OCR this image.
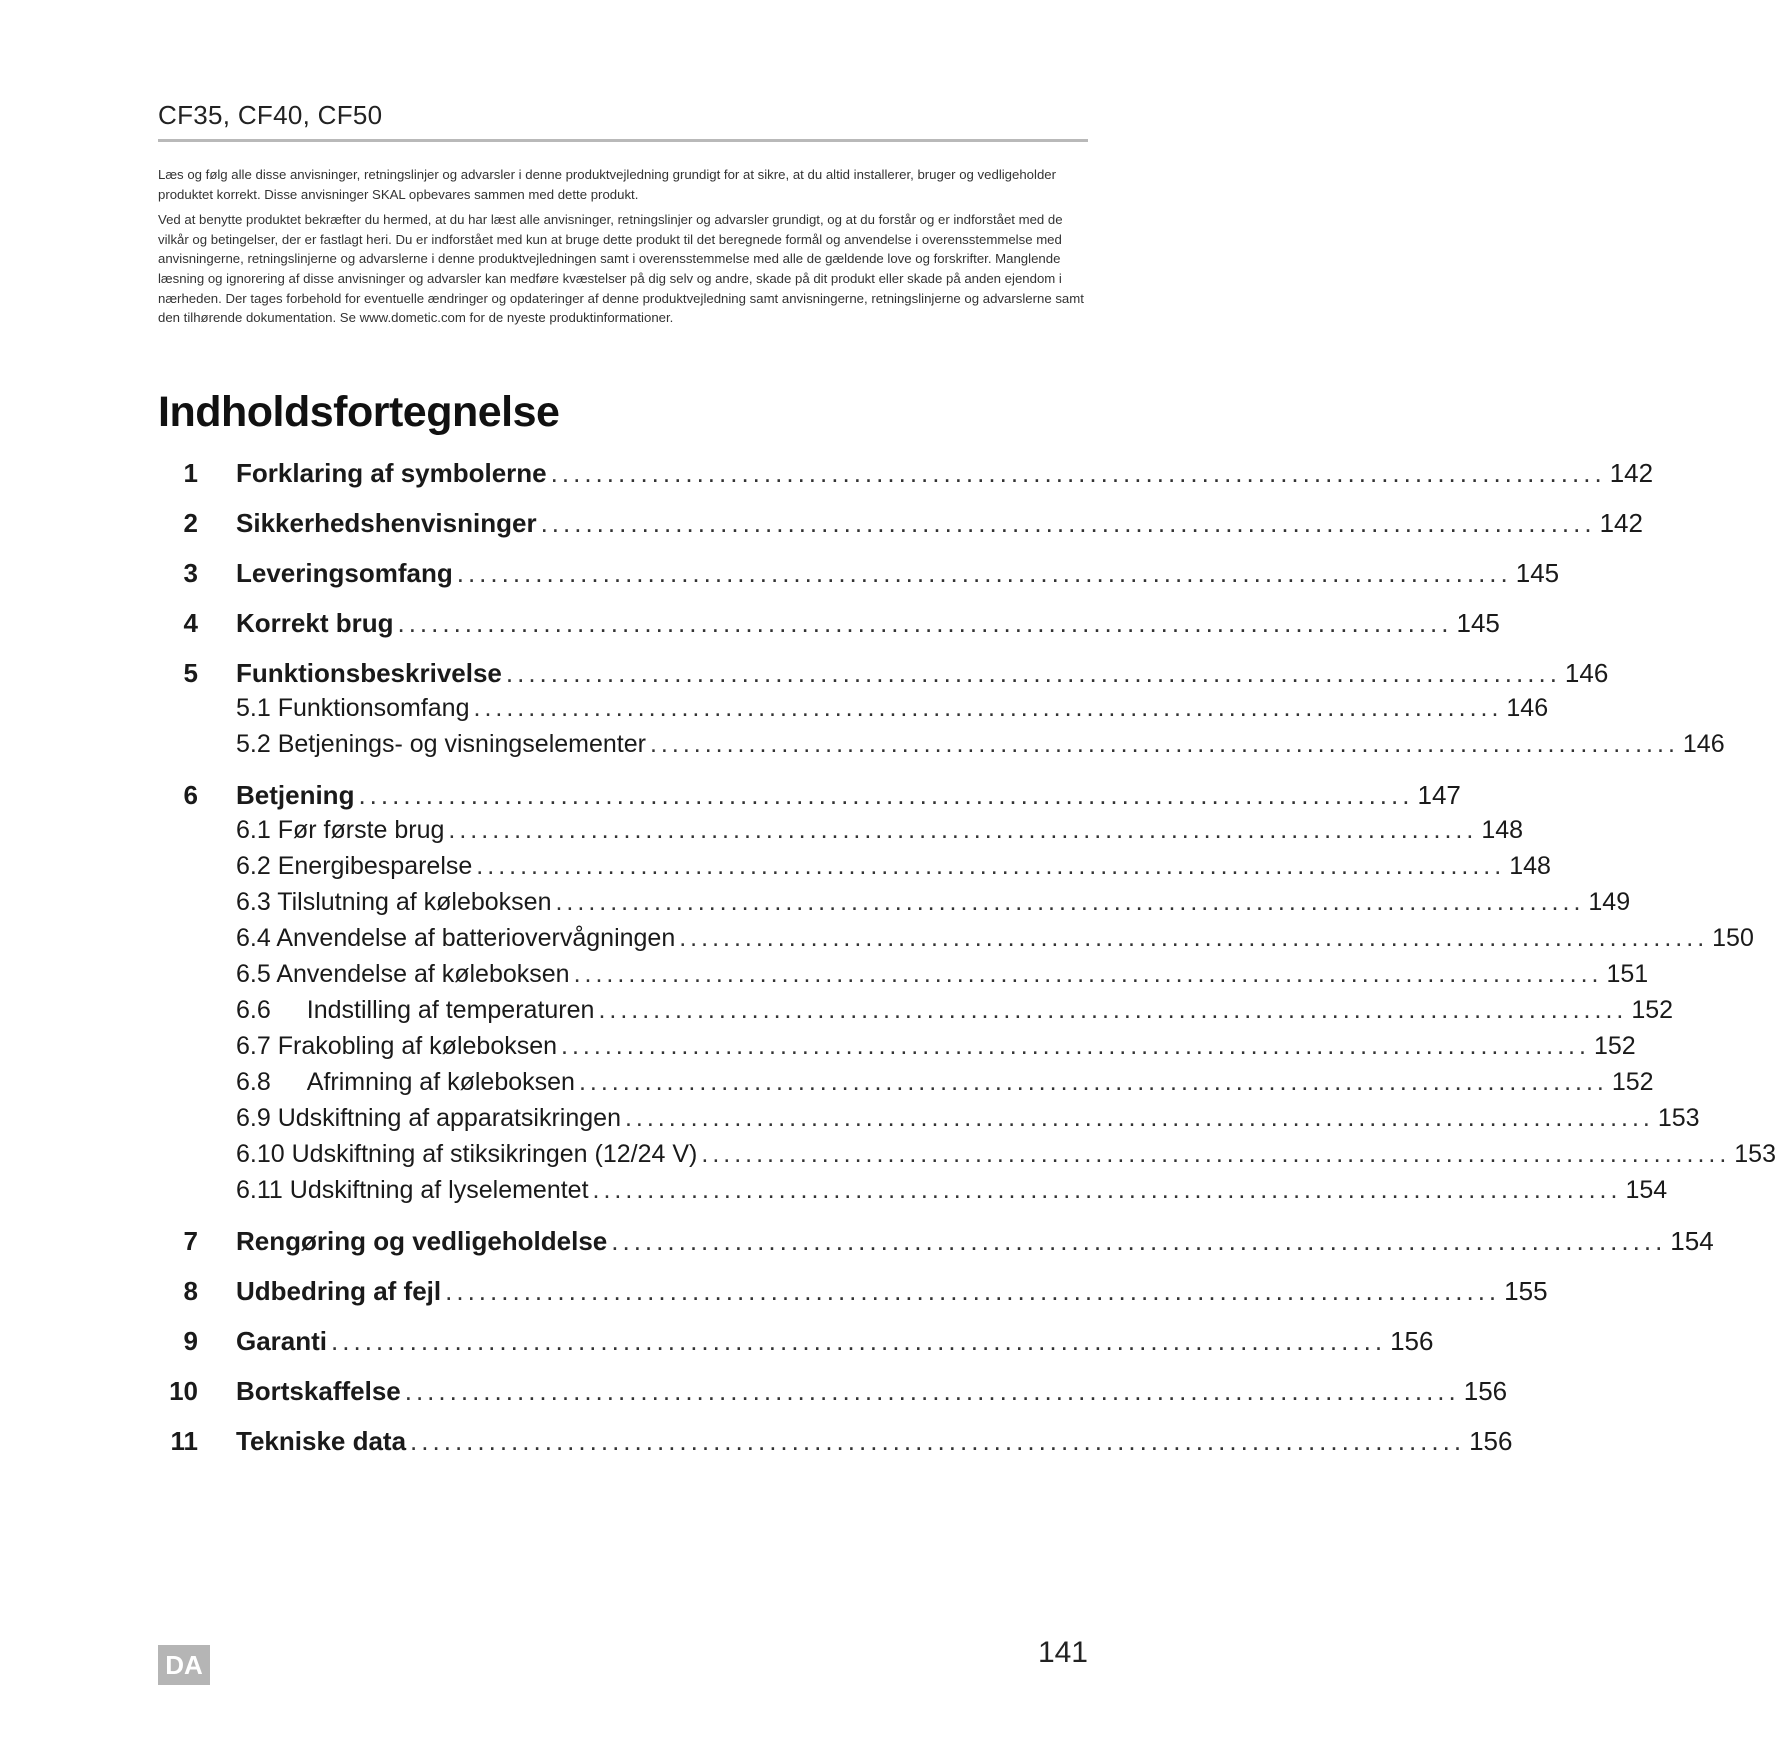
CF35, CF40, CF50

Læs og følg alle disse anvisninger, retningslinjer og advarsler i denne produktvejledning grundigt for at sikre, at du altid installerer, bruger og vedligeholder produktet korrekt. Disse anvisninger SKAL opbevares sammen med dette produkt.

Ved at benytte produktet bekræfter du hermed, at du har læst alle anvisninger, retningslinjer og advarsler grundigt, og at du forstår og er indforstået med de vilkår og betingelser, der er fastlagt heri. Du er indforstået med kun at bruge dette produkt til det beregnede formål og anvendelse i overensstemmelse med anvisningerne, retningslinjerne og advarslerne i denne produktvejledningen samt i overensstemmelse med alle de gældende love og forskrifter. Manglende læsning og ignorering af disse anvisninger og advarsler kan medføre kvæstelser på dig selv og andre, skade på dit produkt eller skade på anden ejendom i nærheden. Der tages forbehold for eventuelle ændringer og opdateringer af denne produktvejledning samt anvisningerne, retningslinjerne og advarslerne samt den tilhørende dokumentation. Se www.dometic.com for de nyeste produktinformationer.

Indholdsfortegnelse
1 Forklaring af symbolerne .............................................................................................. 142
2 Sikkerhedshenvisninger .............................................................................................. 142
3 Leveringsomfang .............................................................................................. 145
4 Korrekt brug .............................................................................................. 145
5 Funktionsbeskrivelse .............................................................................................. 146
5.1 Funktionsomfang .............................................................................................. 146
5.2 Betjenings- og visningselementer .............................................................................................. 146
6 Betjening .............................................................................................. 147
6.1 Før første brug .............................................................................................. 148
6.2 Energibesparelse .............................................................................................. 148
6.3 Tilslutning af køleboksen .............................................................................................. 149
6.4 Anvendelse af batteriovervågningen .............................................................................................. 150
6.5 Anvendelse af køleboksen .............................................................................................. 151
6.6 Indstilling af temperaturen .............................................................................................. 152
6.7 Frakobling af køleboksen .............................................................................................. 152
6.8 Afrimning af køleboksen .............................................................................................. 152
6.9 Udskiftning af apparatsikringen .............................................................................................. 153
6.10 Udskiftning af stiksikringen (12/24 V) .............................................................................................. 153
6.11 Udskiftning af lyselementet .............................................................................................. 154
7 Rengøring og vedligeholdelse .............................................................................................. 154
8 Udbedring af fejl .............................................................................................. 155
9 Garanti .............................................................................................. 156
10 Bortskaffelse .............................................................................................. 156
11 Tekniske data .............................................................................................. 156
DA	141
